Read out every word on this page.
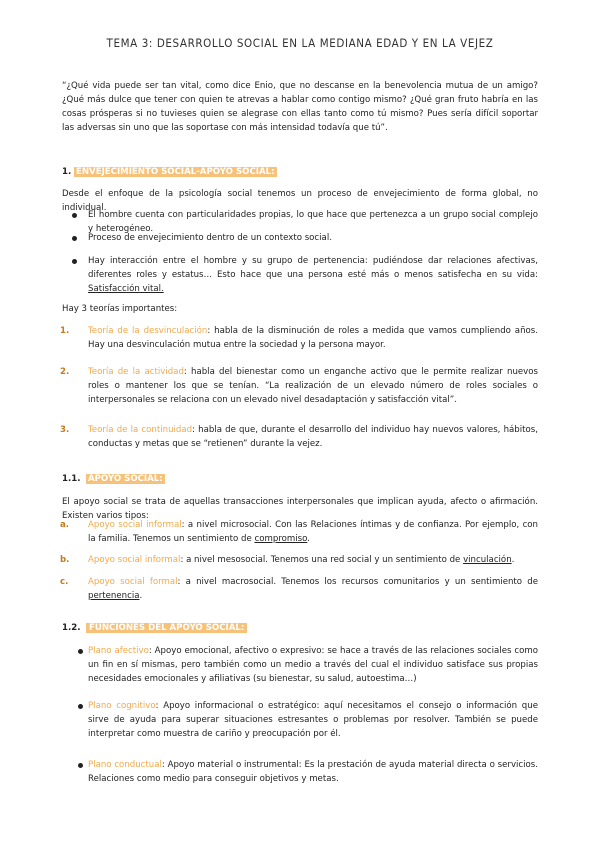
TEMA 3: DESARROLLO SOCIAL EN LA MEDIANA EDAD Y EN LA VEJEZ
“¿Qué vida puede ser tan vital, como dice Enio, que no descanse en la benevolencia mutua de un amigo? ¿Qué más dulce que tener con quien te atrevas a hablar como contigo mismo? ¿Qué gran fruto habría en las cosas prósperas si no tuvieses quien se alegrase con ellas tanto como tú mismo? Pues sería difícil soportar las adversas sin uno que las soportase con más intensidad todavía que tú”.
1. ENVEJECIMIENTO SOCIAL-APOYO SOCIAL:
Desde el enfoque de la psicología social tenemos un proceso de envejecimiento de forma global, no individual.
El hombre cuenta con particularidades propias, lo que hace que pertenezca a un grupo social complejo y heterogéneo.
Proceso de envejecimiento dentro de un contexto social.
Hay interacción entre el hombre y su grupo de pertenencia: pudiéndose dar relaciones afectivas, diferentes roles y estatus… Esto hace que una persona esté más o menos satisfecha en su vida: Satisfacción vital.
Hay 3 teorías importantes:
1. Teoría de la desvinculación: habla de la disminución de roles a medida que vamos cumpliendo años. Hay una desvinculación mutua entre la sociedad y la persona mayor.
2. Teoría de la actividad: habla del bienestar como un enganche activo que le permite realizar nuevos roles o mantener los que se tenían. “La realización de un elevado número de roles sociales o interpersonales se relaciona con un elevado nivel desadaptación y satisfacción vital”.
3. Teoría de la continuidad: habla de que, durante el desarrollo del individuo hay nuevos valores, hábitos, conductas y metas que se “retienen” durante la vejez.
1.1. APOYO SOCIAL:
El apoyo social se trata de aquellas transacciones interpersonales que implican ayuda, afecto o afirmación. Existen varios tipos:
a. Apoyo social informal: a nivel microsocial. Con las Relaciones íntimas y de confianza. Por ejemplo, con la familia. Tenemos un sentimiento de compromiso.
b. Apoyo social informal: a nivel mesosocial. Tenemos una red social y un sentimiento de vinculación.
c. Apoyo social formal: a nivel macrosocial. Tenemos los recursos comunitarios y un sentimiento de pertenencia.
1.2. FUNCIONES DEL APOYO SOCIAL:
Plano afectivo: Apoyo emocional, afectivo o expresivo: se hace a través de las relaciones sociales como un fin en sí mismas, pero también como un medio a través del cual el individuo satisface sus propias necesidades emocionales y afiliativas (su bienestar, su salud, autoestima…)
Plano cognitivo: Apoyo informacional o estratégico: aquí necesitamos el consejo o información que sirve de ayuda para superar situaciones estresantes o problemas por resolver. También se puede interpretar como muestra de cariño y preocupación por él.
Plano conductual: Apoyo material o instrumental: Es la prestación de ayuda material directa o servicios. Relaciones como medio para conseguir objetivos y metas.
